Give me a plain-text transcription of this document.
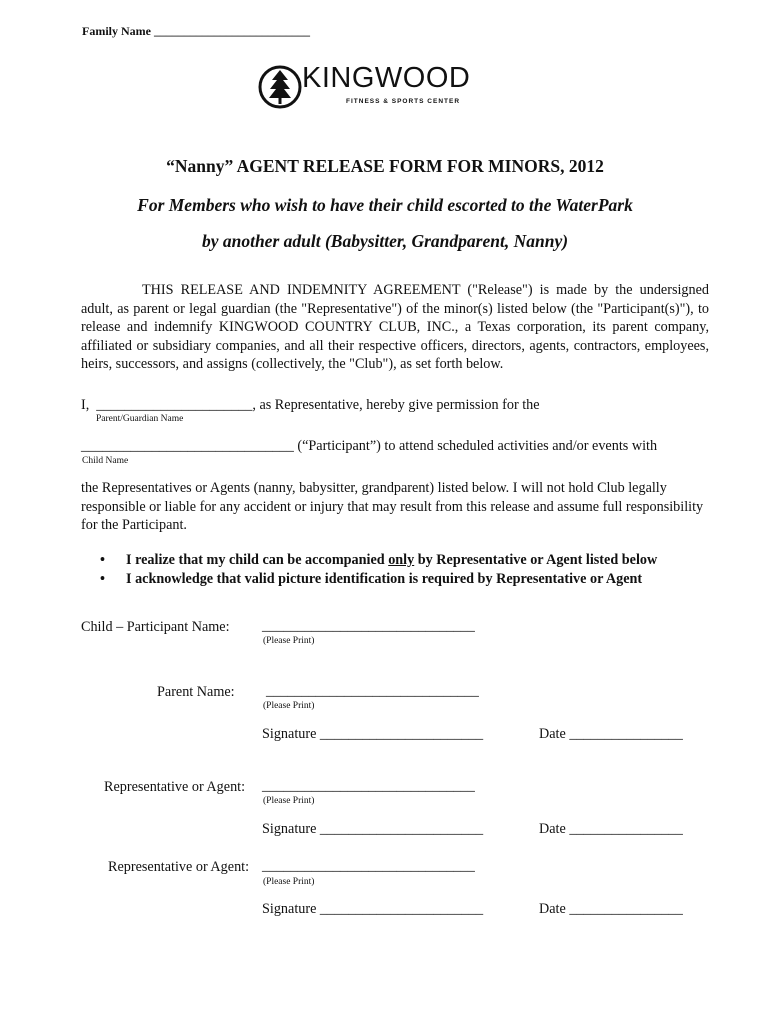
Family Name __________________________
KINGWOOD
FITNESS & SPORTS CENTER
“Nanny” AGENT RELEASE FORM FOR MINORS, 2012
For Members who wish to have their child escorted to the WaterPark
by another adult (Babysitter, Grandparent, Nanny)
THIS RELEASE AND INDEMNITY AGREEMENT ("Release") is made by the undersigned adult, as parent or legal guardian (the "Representative") of the minor(s) listed below (the "Participant(s)"), to release and indemnify KINGWOOD COUNTRY CLUB, INC., a Texas corporation, its parent company, affiliated or subsidiary companies, and all their respective officers, directors, agents, contractors, employees, heirs, successors, and assigns (collectively, the "Club"), as set forth below.
I, ______________________, as Representative, hereby give permission for the
Parent/Guardian Name
______________________________ (“Participant”) to attend scheduled activities and/or events with
Child Name
the Representatives or Agents (nanny, babysitter, grandparent) listed below. I will not hold Club legally responsible or liable for any accident or injury that may result from this release and assume full responsibility for the Participant.
•	I realize that my child can be accompanied only by Representative or Agent listed below
•	I acknowledge that valid picture identification is required by Representative or Agent
Child – Participant Name: ______________________________
(Please Print)
Parent Name: ______________________________
(Please Print)
Signature _______________________	Date ________________
Representative or Agent: ______________________________
(Please Print)
Signature _______________________	Date ________________
Representative or Agent: ______________________________
(Please Print)
Signature _______________________	Date ________________
